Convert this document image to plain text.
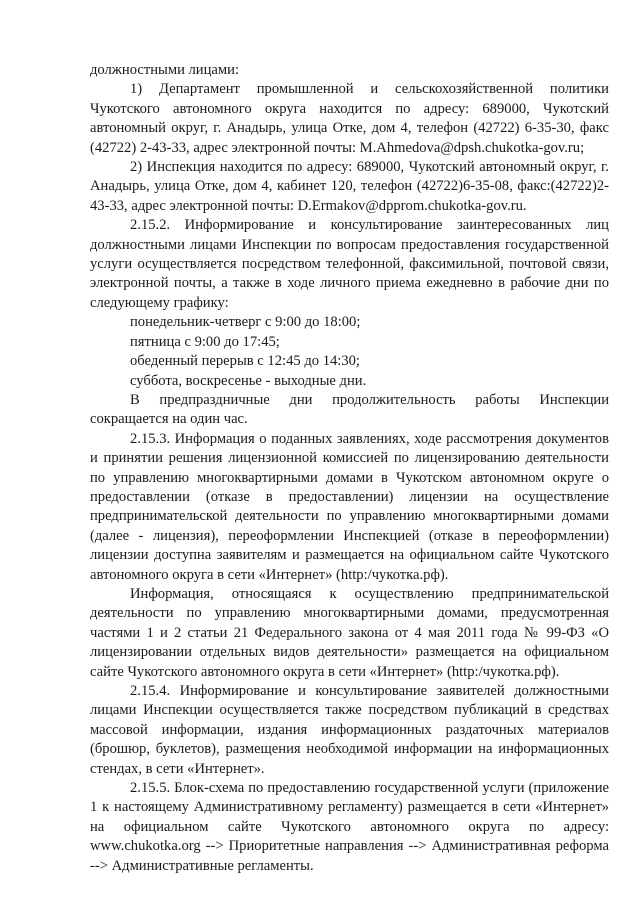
должностными лицами:

1) Департамент промышленной и сельскохозяйственной политики Чукотского автономного округа находится по адресу: 689000, Чукотский автономный округ, г. Анадырь, улица Отке, дом 4, телефон (42722) 6-35-30, факс (42722) 2-43-33, адрес электронной почты: M.Ahmedova@dpsh.chukotka-gov.ru;

2) Инспекция находится по адресу: 689000, Чукотский автономный округ, г. Анадырь, улица Отке, дом 4, кабинет 120, телефон (42722)6-35-08, факс:(42722)2-43-33, адрес электронной почты: D.Ermakov@dpprom.chukotka-gov.ru.

2.15.2. Информирование и консультирование заинтересованных лиц должностными лицами Инспекции по вопросам предоставления государственной услуги осуществляется посредством телефонной, факсимильной, почтовой связи, электронной почты, а также в ходе личного приема ежедневно в рабочие дни по следующему графику:

понедельник-четверг с 9:00 до 18:00;

пятница с 9:00 до 17:45;

обеденный перерыв с 12:45 до 14:30;

суббота, воскресенье - выходные дни.

В предпраздничные дни продолжительность работы Инспекции сокращается на один час.

2.15.3. Информация о поданных заявлениях, ходе рассмотрения документов и принятии решения лицензионной комиссией по лицензированию деятельности по управлению многоквартирными домами в Чукотском автономном округе о предоставлении (отказе в предоставлении) лицензии на осуществление предпринимательской деятельности по управлению многоквартирными домами (далее - лицензия), переоформлении Инспекцией (отказе в переоформлении) лицензии доступна заявителям и размещается на официальном сайте Чукотского автономного округа в сети «Интернет» (http:/чукотка.рф).

Информация, относящаяся к осуществлению предпринимательской деятельности по управлению многоквартирными домами, предусмотренная частями 1 и 2 статьи 21 Федерального закона от 4 мая 2011 года № 99-ФЗ «О лицензировании отдельных видов деятельности» размещается на официальном сайте Чукотского автономного округа в сети «Интернет» (http:/чукотка.рф).

2.15.4. Информирование и консультирование заявителей должностными лицами Инспекции осуществляется также посредством публикаций в средствах массовой информации, издания информационных раздаточных материалов (брошюр, буклетов), размещения необходимой информации на информационных стендах, в сети «Интернет».

2.15.5. Блок-схема по предоставлению государственной услуги (приложение 1 к настоящему Административному регламенту) размещается в сети «Интернет» на официальном сайте Чукотского автономного округа по адресу: www.chukotka.org --> Приоритетные направления --> Административная реформа --> Административные регламенты.
